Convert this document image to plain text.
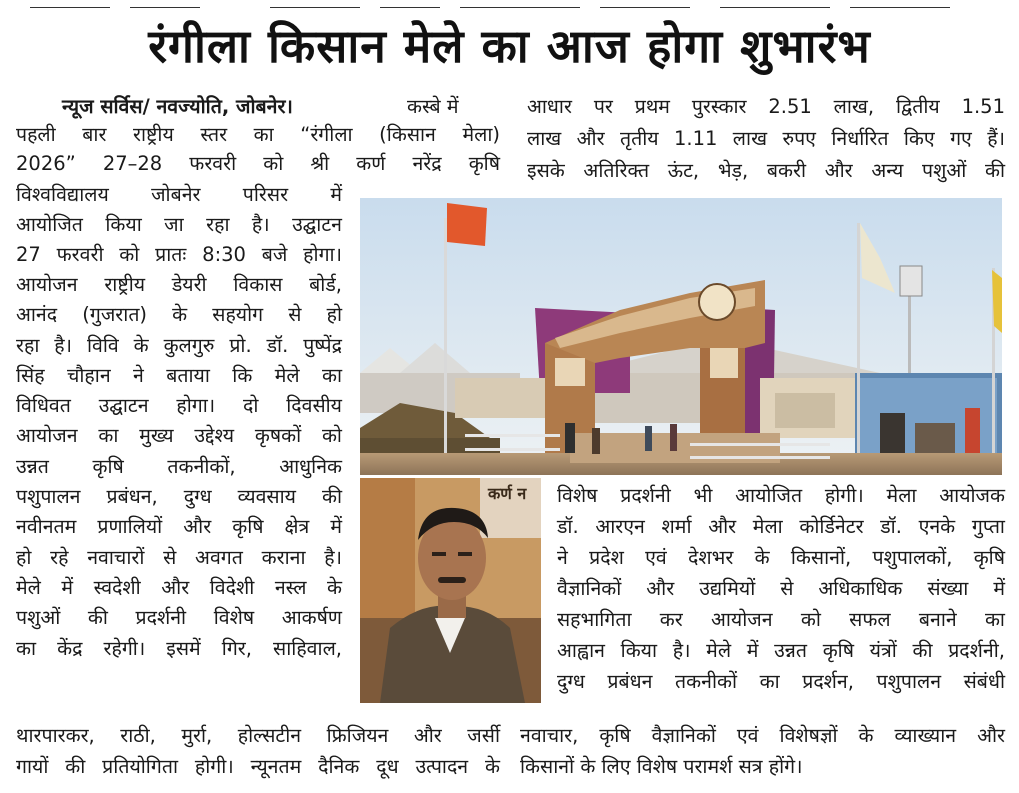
रंगीला किसान मेले का आज होगा शुभारंभ
न्यूज सर्विस/ नवज्योति, जोबनेर।	कस्बे में
पहली बार राष्ट्रीय स्तर का “रंगीला (किसान मेला)
2026” 27–28 फरवरी को श्री कर्ण नरेंद्र कृषि
विश्वविद्यालय जोबनेर परिसर में
आयोजित किया जा रहा है। उद्घाटन
27 फरवरी को प्रातः 8:30 बजे होगा।
आयोजन राष्ट्रीय डेयरी विकास बोर्ड,
आनंद (गुजरात) के सहयोग से हो
रहा है। विवि के कुलगुरु प्रो. डॉ. पुष्पेंद्र
सिंह चौहान ने बताया कि मेले का
विधिवत उद्घाटन होगा। दो दिवसीय
आयोजन का मुख्य उद्देश्य कृषकों को
उन्नत कृषि तकनीकों, आधुनिक
पशुपालन प्रबंधन, दुग्ध व्यवसाय की
नवीनतम प्रणालियों और कृषि क्षेत्र में
हो रहे नवाचारों से अवगत कराना है।
मेले में स्वदेशी और विदेशी नस्ल के
पशुओं की प्रदर्शनी विशेष आकर्षण
का केंद्र रहेगी। इसमें गिर, साहिवाल,
थारपारकर, राठी, मुर्रा, होल्सटीन फ्रिजियन और जर्सी
गायों की प्रतियोगिता होगी। न्यूनतम दैनिक दूध उत्पादन के
आधार पर प्रथम पुरस्कार 2.51 लाख, द्वितीय 1.51
लाख और तृतीय 1.11 लाख रुपए निर्धारित किए गए हैं।
इसके अतिरिक्त ऊंट, भेड़, बकरी और अन्य पशुओं की
विशेष प्रदर्शनी भी आयोजित होगी। मेला आयोजक
डॉ. आरएन शर्मा और मेला कोर्डिनेटर डॉ. एनके गुप्ता
ने प्रदेश एवं देशभर के किसानों, पशुपालकों, कृषि
वैज्ञानिकों और उद्यमियों से अधिकाधिक संख्या में
सहभागिता कर आयोजन को सफल बनाने का
आह्वान किया है। मेले में उन्नत कृषि यंत्रों की प्रदर्शनी,
दुग्ध प्रबंधन तकनीकों का प्रदर्शन, पशुपालन संबंधी
नवाचार, कृषि वैज्ञानिकों एवं विशेषज्ञों के व्याख्यान और
किसानों के लिए विशेष परामर्श सत्र होंगे।
कर्ण न
